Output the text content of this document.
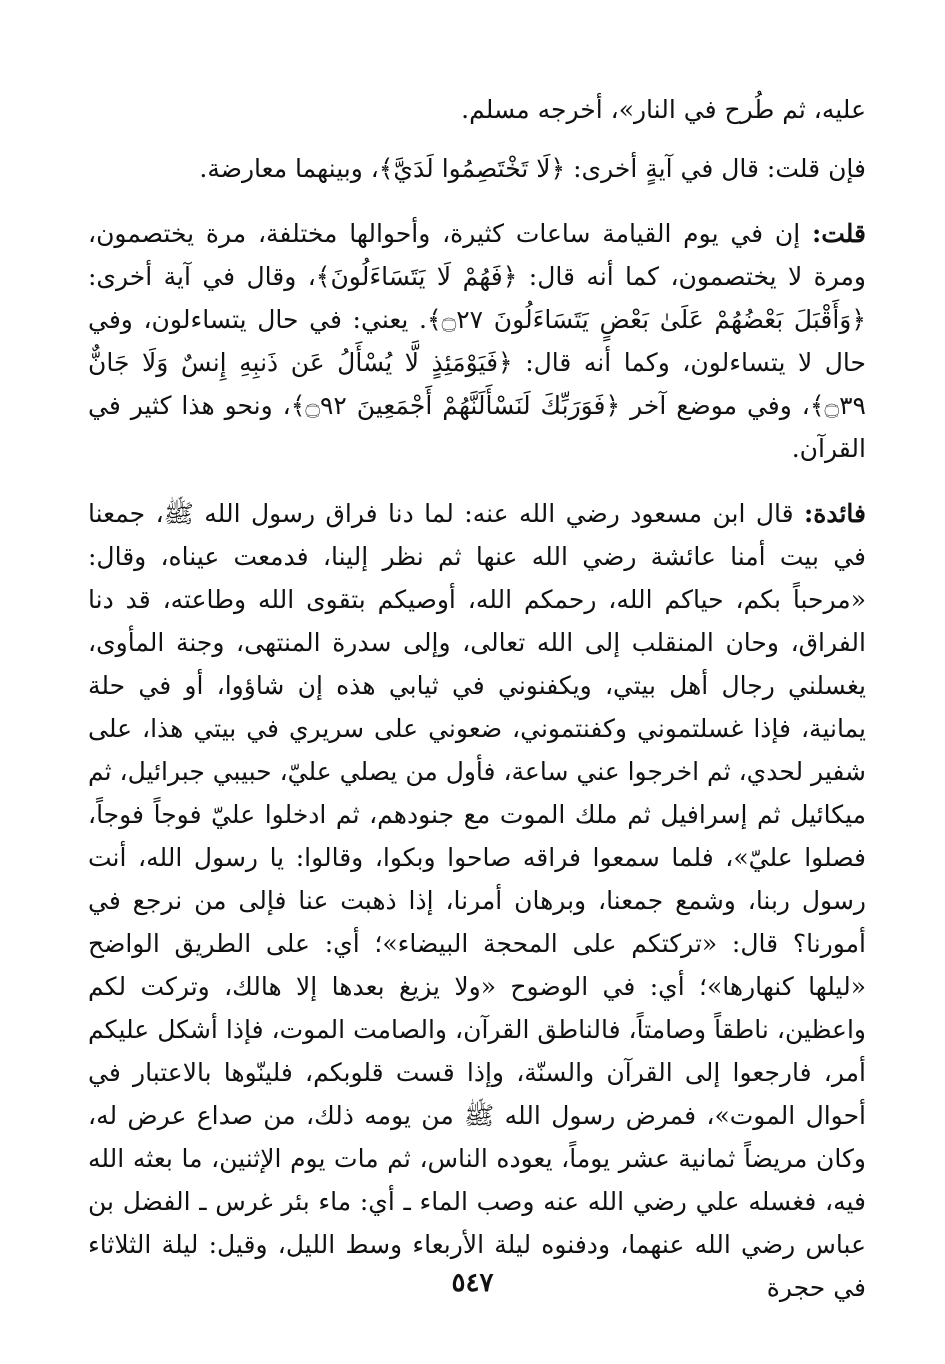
عليه، ثم طُرح في النار»، أخرجه مسلم.

فإن قلت: قال في آيةٍ أخرى: ﴿لَا تَخْتَصِمُوا لَدَيَّ﴾، وبينهما معارضة.

قلت: إن في يوم القيامة ساعات كثيرة، وأحوالها مختلفة، مرة يختصمون، ومرة لا يختصمون، كما أنه قال: ﴿فَهُمْ لَا يَتَسَاءَلُونَ﴾، وقال في آية أخرى: ﴿وَأَقْبَلَ بَعْضُهُمْ عَلَىٰ بَعْضٍ يَتَسَاءَلُونَ ۝٢٧﴾. يعني: في حال يتساءلون، وفي حال لا يتساءلون، وكما أنه قال: ﴿فَيَوْمَئِذٍ لَّا يُسْأَلُ عَن ذَنبِهِ إِنسٌ وَلَا جَانٌّ ۝٣٩﴾، وفي موضع آخر ﴿فَوَرَبِّكَ لَنَسْأَلَنَّهُمْ أَجْمَعِينَ ۝٩٢﴾، ونحو هذا كثير في القرآن.

فائدة: قال ابن مسعود رضي الله عنه: لما دنا فراق رسول الله ﷺ، جمعنا في بيت أمنا عائشة رضي الله عنها ثم نظر إلينا، فدمعت عيناه، وقال: «مرحباً بكم، حياكم الله، رحمكم الله، أوصيكم بتقوى الله وطاعته، قد دنا الفراق، وحان المنقلب إلى الله تعالى، وإلى سدرة المنتهى، وجنة المأوى، يغسلني رجال أهل بيتي، ويكفنوني في ثيابي هذه إن شاؤوا، أو في حلة يمانية، فإذا غسلتموني وكفنتموني، ضعوني على سريري في بيتي هذا، على شفير لحدي، ثم اخرجوا عني ساعة، فأول من يصلي عليّ، حبيبي جبرائيل، ثم ميكائيل ثم إسرافيل ثم ملك الموت مع جنودهم، ثم ادخلوا عليّ فوجاً فوجاً، فصلوا عليّ»، فلما سمعوا فراقه صاحوا وبكوا، وقالوا: يا رسول الله، أنت رسول ربنا، وشمع جمعنا، وبرهان أمرنا، إذا ذهبت عنا فإلى من نرجع في أمورنا؟ قال: «تركتكم على المحجة البيضاء»؛ أي: على الطريق الواضح «ليلها كنهارها»؛ أي: في الوضوح «ولا يزيغ بعدها إلا هالك، وتركت لكم واعظين، ناطقاً وصامتاً، فالناطق القرآن، والصامت الموت، فإذا أشكل عليكم أمر، فارجعوا إلى القرآن والسنّة، وإذا قست قلوبكم، فلينّوها بالاعتبار في أحوال الموت»، فمرض رسول الله ﷺ من يومه ذلك، من صداع عرض له، وكان مريضاً ثمانية عشر يوماً، يعوده الناس، ثم مات يوم الإثنين، ما بعثه الله فيه، فغسله علي رضي الله عنه وصب الماء ـ أي: ماء بئر غرس ـ الفضل بن عباس رضي الله عنهما، ودفنوه ليلة الأربعاء وسط الليل، وقيل: ليلة الثلاثاء في حجرة

٥٤٧
